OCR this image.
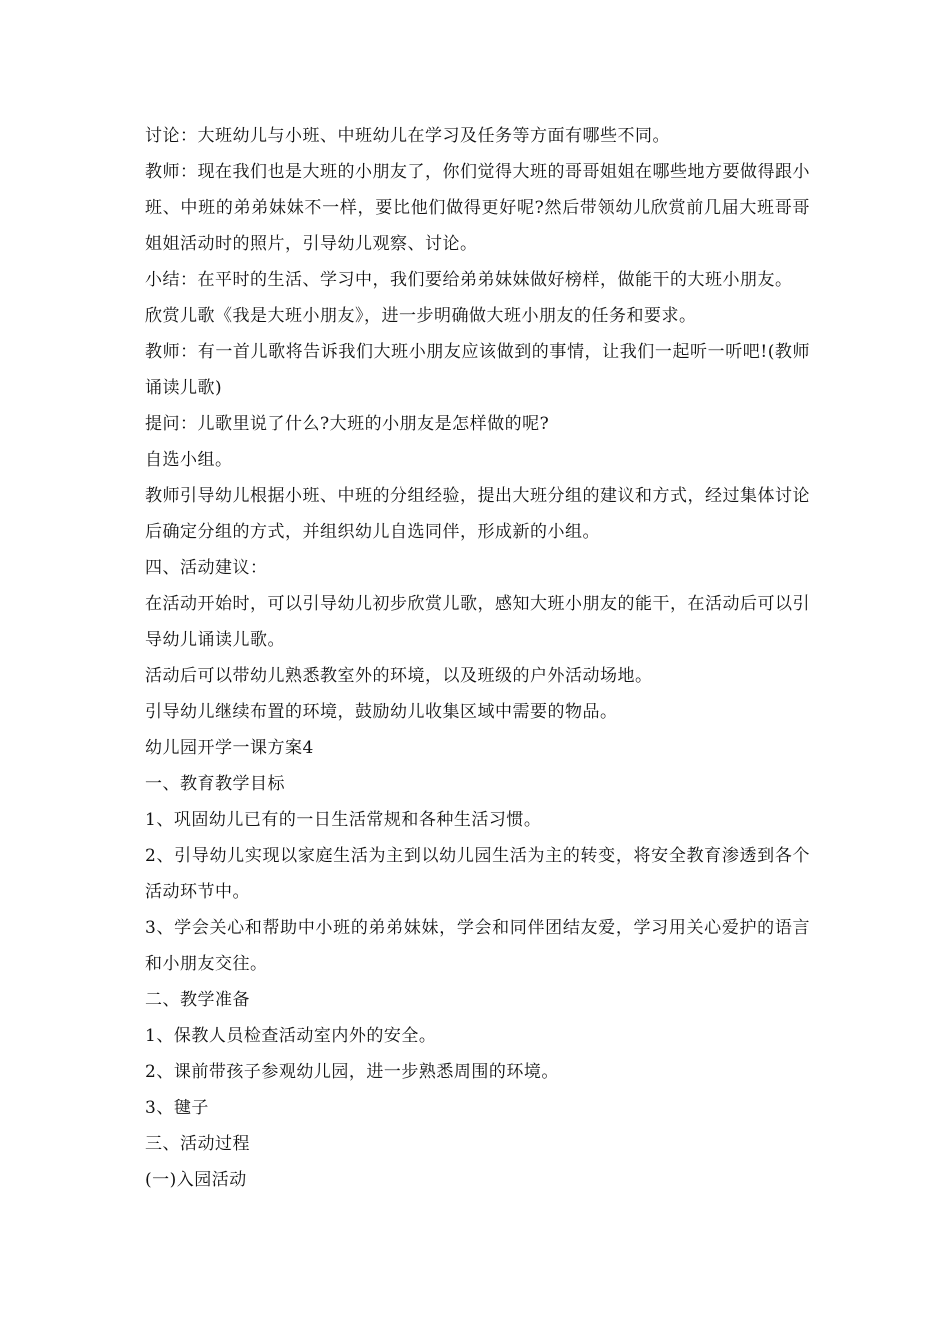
讨论：大班幼儿与小班、中班幼儿在学习及任务等方面有哪些不同。

教师：现在我们也是大班的小朋友了，你们觉得大班的哥哥姐姐在哪些地方要做得跟小班、中班的弟弟妹妹不一样，要比他们做得更好呢?然后带领幼儿欣赏前几届大班哥哥姐姐活动时的照片，引导幼儿观察、讨论。

小结：在平时的生活、学习中，我们要给弟弟妹妹做好榜样，做能干的大班小朋友。

欣赏儿歌《我是大班小朋友》，进一步明确做大班小朋友的任务和要求。

教师：有一首儿歌将告诉我们大班小朋友应该做到的事情，让我们一起听一听吧!(教师诵读儿歌)

提问：儿歌里说了什么?大班的小朋友是怎样做的呢?

自选小组。

教师引导幼儿根据小班、中班的分组经验，提出大班分组的建议和方式，经过集体讨论后确定分组的方式，并组织幼儿自选同伴，形成新的小组。

四、活动建议：

在活动开始时，可以引导幼儿初步欣赏儿歌，感知大班小朋友的能干，在活动后可以引导幼儿诵读儿歌。

活动后可以带幼儿熟悉教室外的环境，以及班级的户外活动场地。

引导幼儿继续布置的环境，鼓励幼儿收集区域中需要的物品。

幼儿园开学一课方案4

一、教育教学目标

1、巩固幼儿已有的一日生活常规和各种生活习惯。

2、引导幼儿实现以家庭生活为主到以幼儿园生活为主的转变，将安全教育渗透到各个活动环节中。

3、学会关心和帮助中小班的弟弟妹妹，学会和同伴团结友爱，学习用关心爱护的语言和小朋友交往。

二、教学准备

1、保教人员检查活动室内外的安全。

2、课前带孩子参观幼儿园，进一步熟悉周围的环境。

3、毽子

三、活动过程

(一)入园活动
